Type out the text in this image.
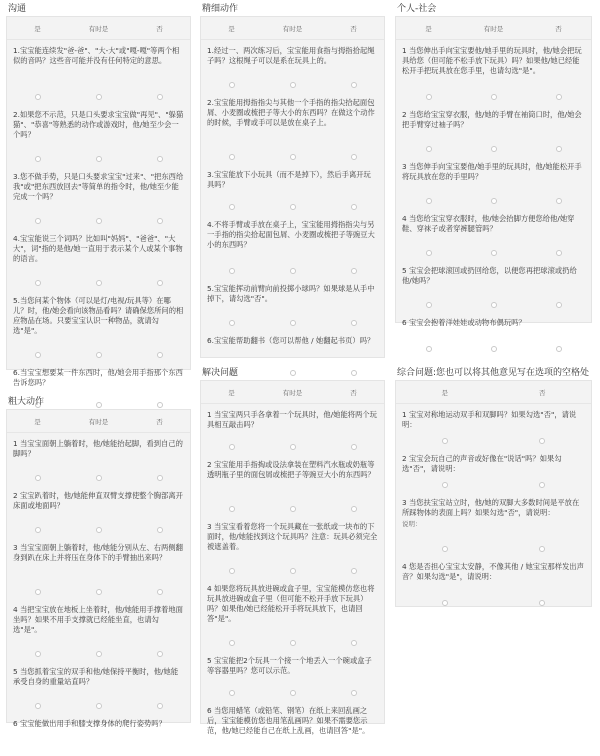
沟通
是	有时是	否

1.宝宝能连续发"爸-爸"、"大-大"或"嘎-嘎"等两个相似的音吗？这些音可能并没有任何特定的意思。

2.如果您不示范，只是口头要求宝宝做"再见"、"躲猫猫"、"恭喜"等熟悉的动作或游戏时，他/她至少会一个吗？

3.您不做手势，只是口头要求宝宝"过来"、"把东西给我"或"把东西放回去"等简单的指令时，他/她至少能完成一个吗？

4.宝宝能说三个词吗？比如叫"妈妈"、"爸爸"、"大大"，词"指的是他/她一直用于表示某个人或某个事物的语言。

5.当您问某个物体（可以是灯/电视/玩具等）在哪儿？时，他/她会看向该物品看吗？请确保您所问的相应物品在场。只要宝宝认识一种物品，就请勾选"是"。

6.当宝宝想要某一件东西时，他/她会用手指那个东西告诉您吗？

精细动作
是	有时是	否

1.经过一、两次练习后，宝宝能用食指与拇指拾起绳子吗？这根绳子可以是系在玩具上的。

2.宝宝能用拇指指尖与其他一个手指的指尖拾起面包屑、小麦圈或梳把子等大小的东西吗？在做这个动作的时候，手臂或手可以是放在桌子上。

3.宝宝能放下小玩具（而不是掉下），然后手离开玩具吗？

4.不将手臂或手放在桌子上，宝宝能用拇指指尖与另一手指的指尖拾起面包屑、小麦圈或梳把子等豌豆大小的东西吗？

5.宝宝能挥动前臂向前投掷小球吗？如果球是从手中掉下，请勾选"否"。

6.宝宝能帮助翻书（您可以帮他 / 她翻起书页）吗？

个人-社会
是	有时是	否

1 当您伸出手向宝宝要他/她手里的玩具时，他/她会把玩具给您（但可能不松手放下玩具）吗？如果他/她已经能松开手把玩具放在您手里，也请勾选"是"。

2 当您给宝宝穿衣服，他/她的手臂在袖筒口时，他/她会把手臂穿过袖子吗？

3 当您伸手向宝宝要他/她手里的玩具时，他/她能松开手将玩具放在您的手里吗？

4 当您给宝宝穿衣服时，他/她会抬脚方便您给他/她穿鞋、穿袜子或者穿裤腿管吗？

5 宝宝会把球滚回或扔回给您，以便您再把球滚或扔给他/她吗？

6 宝宝会抱着洋娃娃或动物布偶玩吗？

粗大动作
是	有时是	否

1 当宝宝面朝上躺着时，他/她能抬起脚，看到自己的脚吗？

2 宝宝趴着时，他/她能伸直双臂支撑使整个胸部离开床面或地面吗？

3 当宝宝面朝上躺着时，他/她能分别从左、右两侧翻身到趴在床上并将压在身体下的手臂抽出来吗？

4 当把宝宝放在地板上坐着时，他/她能用手撑着地面坐吗？如果不用手支撑就已经能坐直，也请勾选"是"。

5 当您抓着宝宝的双手和他/她保持平衡时，他/她能承受自身的重量站直吗？

6 宝宝能做出用手和膝支撑身体的爬行姿势吗？

解决问题
是	有时是	否

1 当宝宝两只手各拿着一个玩具时，他/她能将两个玩具相互敲击吗？

2 宝宝能用手指掏或设法拿装在塑料汽水瓶或奶瓶等透明瓶子里的面包屑或梳把子等豌豆大小的东西吗？

3 当宝宝看着您将一个玩具藏在一张纸或一块布的下面时，他/她能找到这个玩具吗？注意：玩具必须完全被遮盖着。

4 如果您将玩具放进碗或盒子里，宝宝能模仿您也将玩具放进碗或盒子里（但可能不松开手放下玩具）吗？如果他/她已经能松开手将玩具放下，也请回答"是"。

5 宝宝能把2个玩具一个接一个地丢入一个碗或盒子等容器里吗？您可以示范。

6 当您用蜡笔（或铅笔、钢笔）在纸上来回乱画之后，宝宝能模仿您也用笔乱画吗？如果不需要您示范，他/她已经能自己在纸上乱画，也请回答"是"。

综合问题:您也可以将其他意见写在选项的空格处
是	否

1 宝宝对称地运动双手和双脚吗？如果勾选"否"，请说明：

2 宝宝会玩自己的声音或好像在"说话"吗？如果勾选"否"，请说明：

3 当您扶宝宝站立时，他/她的双脚大多数时间是平放在所踩物体的表面上吗？如果勾选"否"，请说明：

说明：

4 您是否担心宝宝太安静，不像其他 / 她宝宝那样发出声音？如果勾选"是"，请说明：
